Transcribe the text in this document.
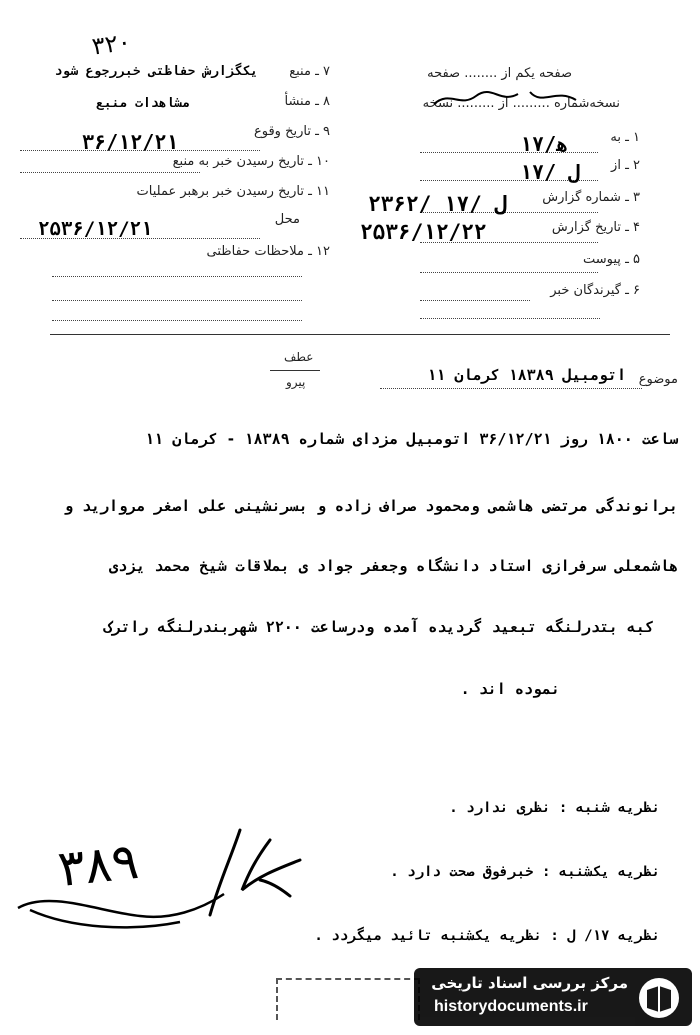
۳۲۰
صفحه یکم از ........ صفحه
نسخه‌شماره ......... از ......... نسخه
۱ ـ به
۱۷/ﻫ
۲ ـ از
۱۷/ ل
۳ ـ شماره گزارش
۲۳۶۲/ ۱۷/ ل
۴ ـ تاریخ گزارش
۲۵۳۶/۱۲/۲۲
۵ ـ پیوست
۶ ـ گیرندگان خبر
۷ ـ منبع
یکگزارش حفاظتی خبررجوع شود
۸ ـ منشأ
مشاهدات منبع
۹ ـ تاریخ وقوع
۳۶/۱۲/۲۱
۱۰ ـ تاریخ رسیدن خبر به منبع
۱۱ ـ تاریخ رسیدن خبر برهبر عملیات
محل
۲۵۳۶/۱۲/۲۱
۱۲ ـ ملاحظات حفاظتی
عطف
پیرو	موضوع
اتومبیل ۱۸۳۸۹ کرمان ۱۱
ساعت ۱۸۰۰ روز ۳۶/۱۲/۲۱ اتومبیل مزدای شماره ۱۸۳۸۹ - کرمان ۱۱
برانوندگی مرتضی هاشمی ومحمود صراف زاده و بسرنشینی علی اصغر مروارید و
هاشمعلی سرفرازی استاد دانشگاه وجعفر جواد ی بملاقات شیخ محمد یزدی
کبه بتدرلنگه تبعید گردیده آمده ودرساعت ۲۲۰۰ شهربندرلنگه راترک
نموده اند .
نظریه شنبه : نظری ندارد .
نظریه یکشنبه : خبرفوق صحت دارد .
نظریه ۱۷/ ل : نظریه یکشنبه تائید میگردد .
۳۸۹
مرکز بررسی اسناد تاریخی
historydocuments.ir
